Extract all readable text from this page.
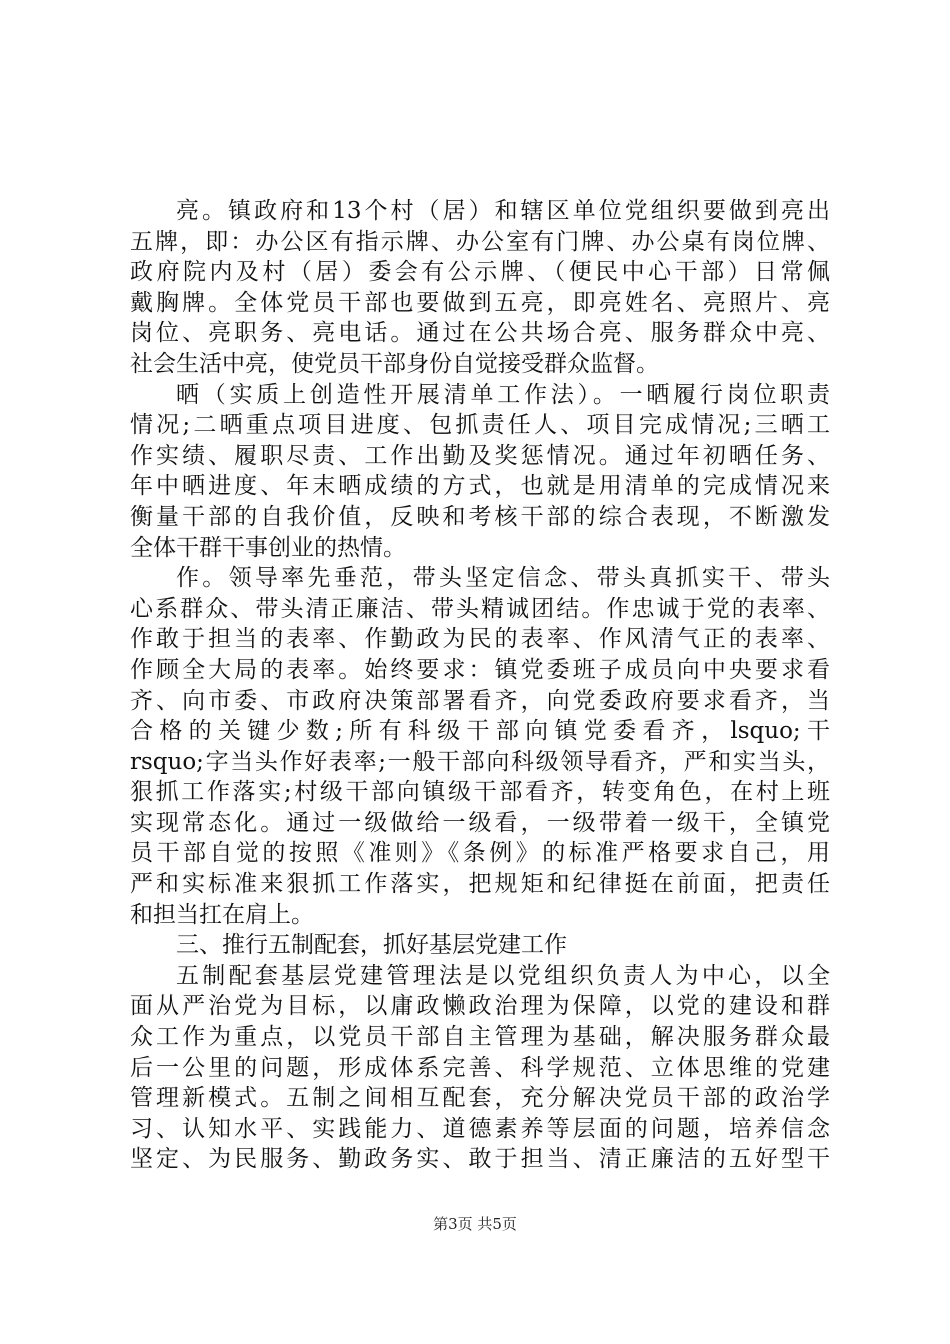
亮。镇政府和13个村（居）和辖区单位党组织要做到亮出
五牌，即：办公区有指示牌、办公室有门牌、办公桌有岗位牌、
政府院内及村（居）委会有公示牌、（便民中心干部）日常佩
戴胸牌。全体党员干部也要做到五亮，即亮姓名、亮照片、亮
岗位、亮职务、亮电话。通过在公共场合亮、服务群众中亮、
社会生活中亮，使党员干部身份自觉接受群众监督。
晒（实质上创造性开展清单工作法）。一晒履行岗位职责
情况;二晒重点项目进度、包抓责任人、项目完成情况;三晒工
作实绩、履职尽责、工作出勤及奖惩情况。通过年初晒任务、
年中晒进度、年末晒成绩的方式，也就是用清单的完成情况来
衡量干部的自我价值，反映和考核干部的综合表现，不断激发
全体干群干事创业的热情。
作。领导率先垂范，带头坚定信念、带头真抓实干、带头
心系群众、带头清正廉洁、带头精诚团结。作忠诚于党的表率、
作敢于担当的表率、作勤政为民的表率、作风清气正的表率、
作顾全大局的表率。始终要求：镇党委班子成员向中央要求看
齐、向市委、市政府决策部署看齐，向党委政府要求看齐，当
合格的关键少数;所有科级干部向镇党委看齐，lsquo;干
rsquo;字当头作好表率;一般干部向科级领导看齐，严和实当头，
狠抓工作落实;村级干部向镇级干部看齐，转变角色，在村上班
实现常态化。通过一级做给一级看，一级带着一级干，全镇党
员干部自觉的按照《准则》《条例》的标准严格要求自己，用
严和实标准来狠抓工作落实，把规矩和纪律挺在前面，把责任
和担当扛在肩上。
三、推行五制配套，抓好基层党建工作
五制配套基层党建管理法是以党组织负责人为中心，以全
面从严治党为目标，以庸政懒政治理为保障，以党的建设和群
众工作为重点，以党员干部自主管理为基础，解决服务群众最
后一公里的问题，形成体系完善、科学规范、立体思维的党建
管理新模式。五制之间相互配套，充分解决党员干部的政治学
习、认知水平、实践能力、道德素养等层面的问题，培养信念
坚定、为民服务、勤政务实、敢于担当、清正廉洁的五好型干
第3页 共5页
